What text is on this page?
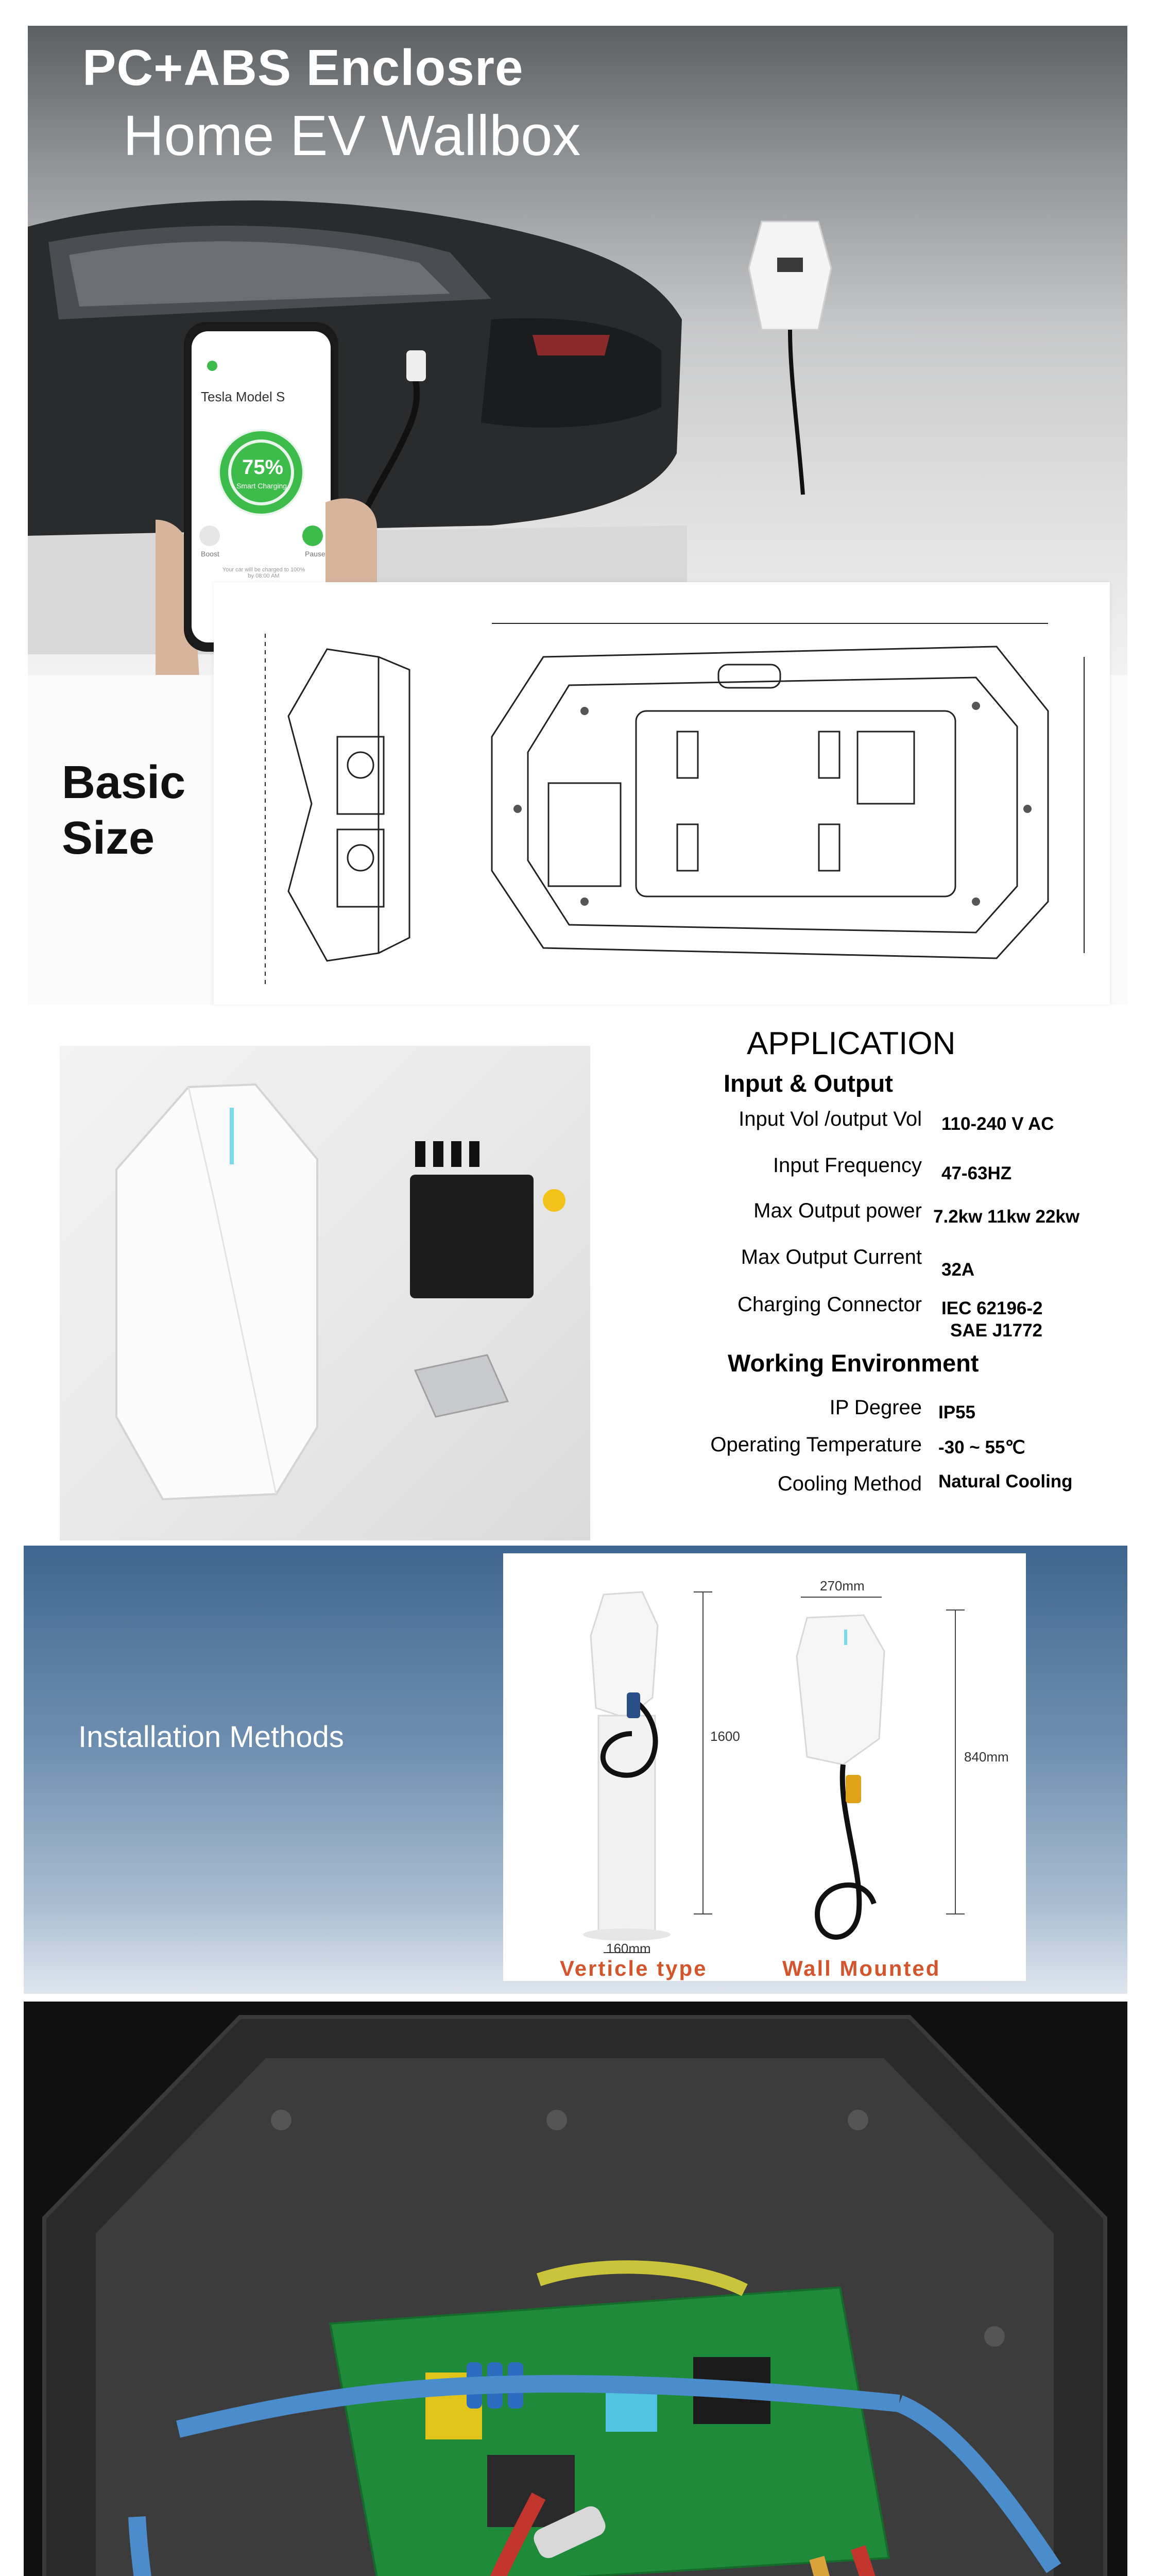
Tesla Model S
75%
Smart Charging
Boost	Pause
Your car will be charged to 100% by 08:00 AM
PC+ABS Enclosre
Home EV Wallbox
Basic
Size
APPLICATION
Input & Output
Input Vol /output Vol 110-240 V AC
Input Frequency 47-63HZ
Max Output power 7.2kw 11kw 22kw
Max Output Current
32A
Charging Connector IEC 62196-2
SAE J1772
Working Environment
IP Degree IP55
Operating Temperature -30 ~ 55℃
Cooling Method Natural Cooling
Installation Methods	1600
160mm
270mm
840mm
Verticle type	Wall Mounted
